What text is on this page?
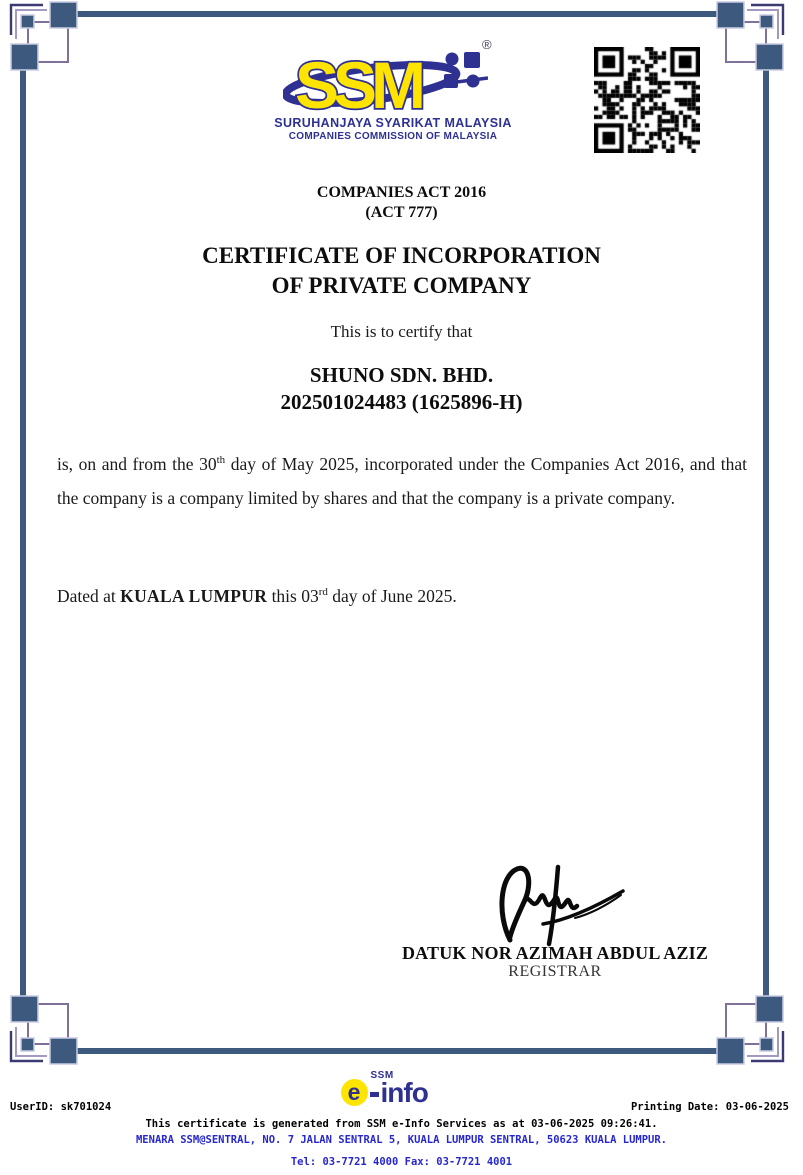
SSM
®
SURUHANJAYA SYARIKAT MALAYSIA
COMPANIES COMMISSION OF MALAYSIA
COMPANIES ACT 2016
(ACT 777)
CERTIFICATE OF INCORPORATION
OF PRIVATE COMPANY
This is to certify that
SHUNO SDN. BHD.
202501024483 (1625896-H)

is, on and from the 30th day of May 2025, incorporated under the Companies Act 2016, and that the company is a company limited by shares and that the company is a private company.

Dated at KUALA LUMPUR this 03rd day of June 2025.

DATUK NOR AZIMAH ABDUL AZIZ
REGISTRAR
SSM
e info
UserID: sk701024	Printing Date: 03-06-2025
This certificate is generated from SSM e-Info Services as at 03-06-2025 09:26:41.
MENARA SSM@SENTRAL, NO. 7 JALAN SENTRAL 5, KUALA LUMPUR SENTRAL, 50623 KUALA LUMPUR.
Tel: 03-7721 4000 Fax: 03-7721 4001
